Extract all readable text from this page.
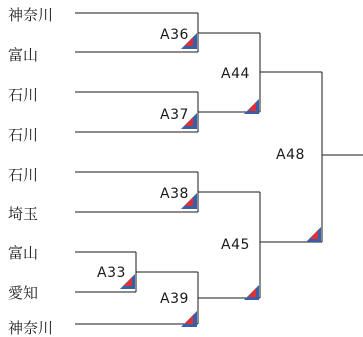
神奈川
富山
石川
石川
石川
埼玉
富山
愛知
神奈川
A36
A37
A38
A33
A39
A44
A45
A48
